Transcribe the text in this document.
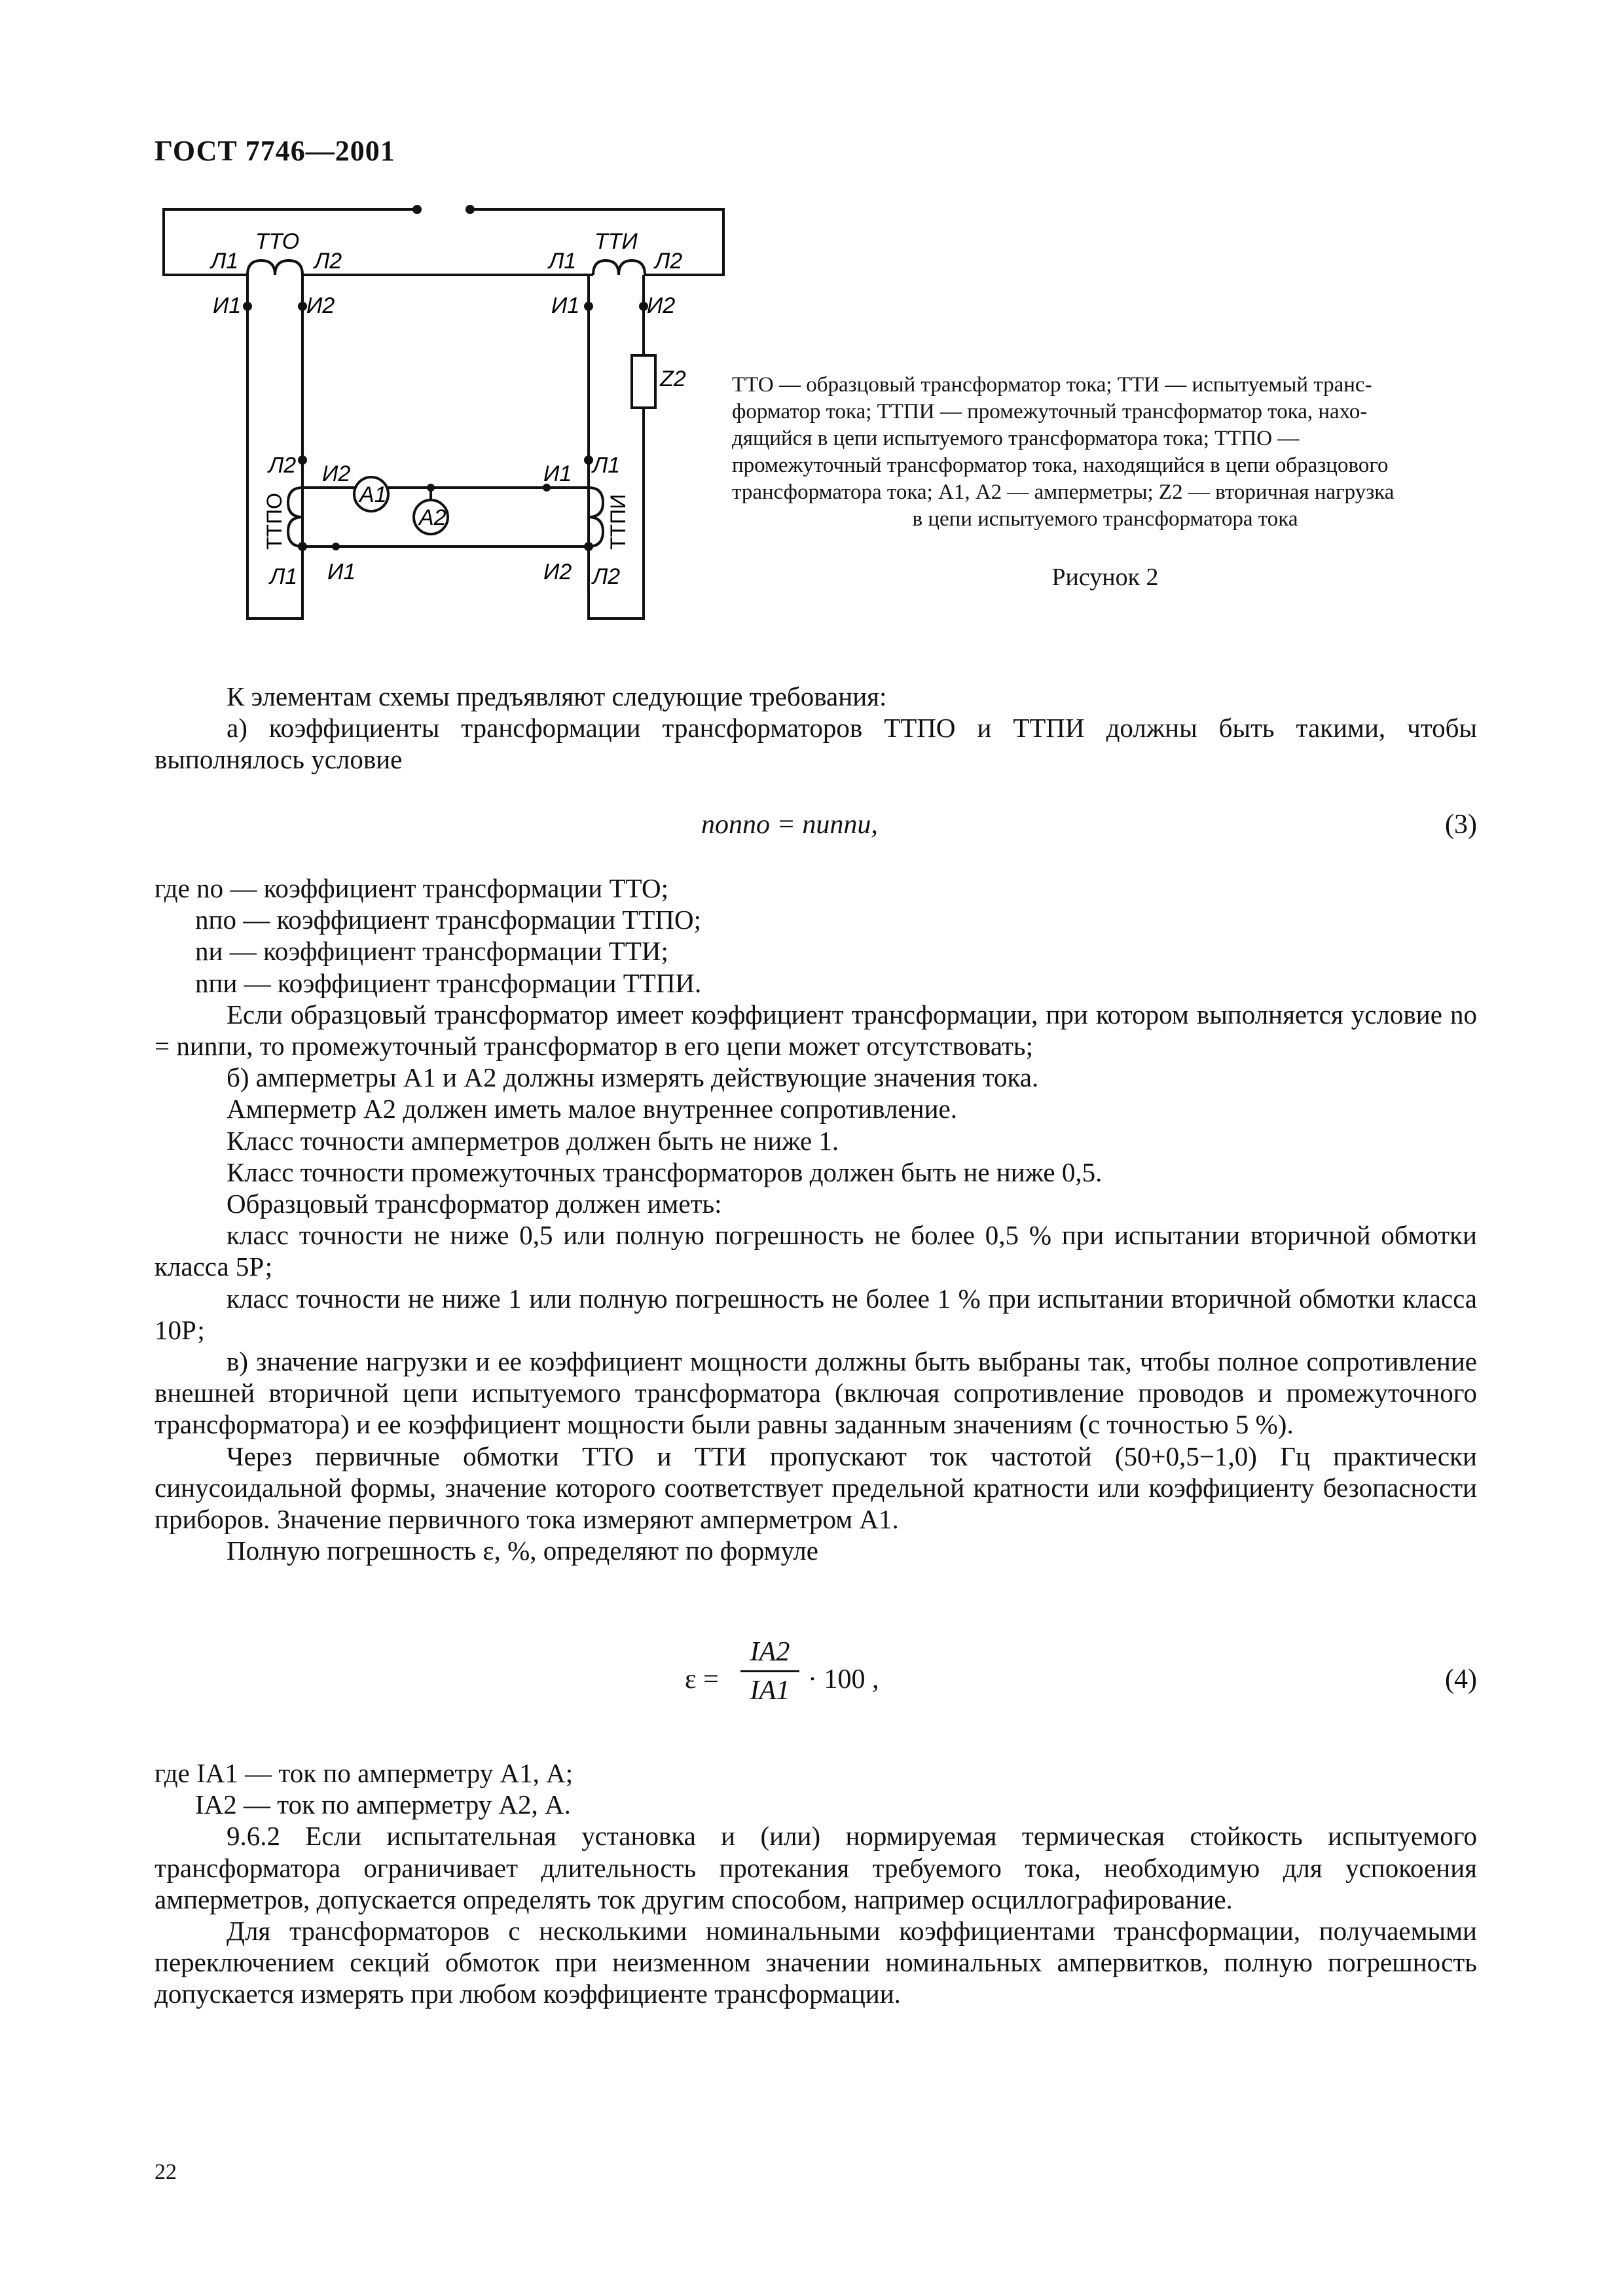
ГОСТ 7746—2001
ТТО	ТТИ
Л1	Л2
И1	И2
Л1	Л2
И1	И2
Z2
Л2 И2
Л1 И1
И1 Л1
И2 Л2
А1
А2
ТТПО	ТТПИ
ТТО — образцовый трансформатор тока; ТТИ — испытуемый транс-
форматор тока; ТТПИ — промежуточный трансформатор тока, нахо-
дящийся в цепи испытуемого трансформатора тока; ТТПО —
промежуточный трансформатор тока, находящийся в цепи образцового
трансформатора тока; А1, А2 — амперметры; Z2 — вторичная нагрузка
в цепи испытуемого трансформатора тока
Рисунок 2

К элементам схемы предъявляют следующие требования:

а) коэффициенты трансформации трансформаторов ТТПО и ТТПИ должны быть такими, чтобы выполнялось условие

nоnпо = nиnпи,	(3)

где nо — коэффициент трансформации ТТО;

nпо — коэффициент трансформации ТТПО;

nи — коэффициент трансформации ТТИ;

nпи — коэффициент трансформации ТТПИ.

Если образцовый трансформатор имеет коэффициент трансформации, при котором выполняется условие nо = nиnпи, то промежуточный трансформатор в его цепи может отсутствовать;

б) амперметры А1 и А2 должны измерять действующие значения тока.

Амперметр А2 должен иметь малое внутреннее сопротивление.

Класс точности амперметров должен быть не ниже 1.

Класс точности промежуточных трансформаторов должен быть не ниже 0,5.

Образцовый трансформатор должен иметь:

класс точности не ниже 0,5 или полную погрешность не более 0,5 % при испытании вторичной обмотки класса 5Р;

класс точности не ниже 1 или полную погрешность не более 1 % при испытании вторичной обмотки класса 10Р;

в) значение нагрузки и ее коэффициент мощности должны быть выбраны так, чтобы полное сопротивление внешней вторичной цепи испытуемого трансформатора (включая сопротивление проводов и промежуточного трансформатора) и ее коэффициент мощности были равны заданным значениям (с точностью 5 %).

Через первичные обмотки ТТО и ТТИ пропускают ток частотой (50+0,5−1,0) Гц практически синусоидальной формы, значение которого соответствует предельной кратности или коэффициенту безопасности приборов. Значение первичного тока измеряют амперметром А1.

Полную погрешность ε, %, определяют по формуле

ε =
IA2
IA1 · 100 ,	(4)

где IA1 — ток по амперметру А1, А;

IA2 — ток по амперметру А2, А.

9.6.2 Если испытательная установка и (или) нормируемая термическая стойкость испытуемого трансформатора ограничивает длительность протекания требуемого тока, необходимую для успокоения амперметров, допускается определять ток другим способом, например осциллографирование.

Для трансформаторов с несколькими номинальными коэффициентами трансформации, получаемыми переключением секций обмоток при неизменном значении номинальных ампервитков, полную погрешность допускается измерять при любом коэффициенте трансформации.

22
